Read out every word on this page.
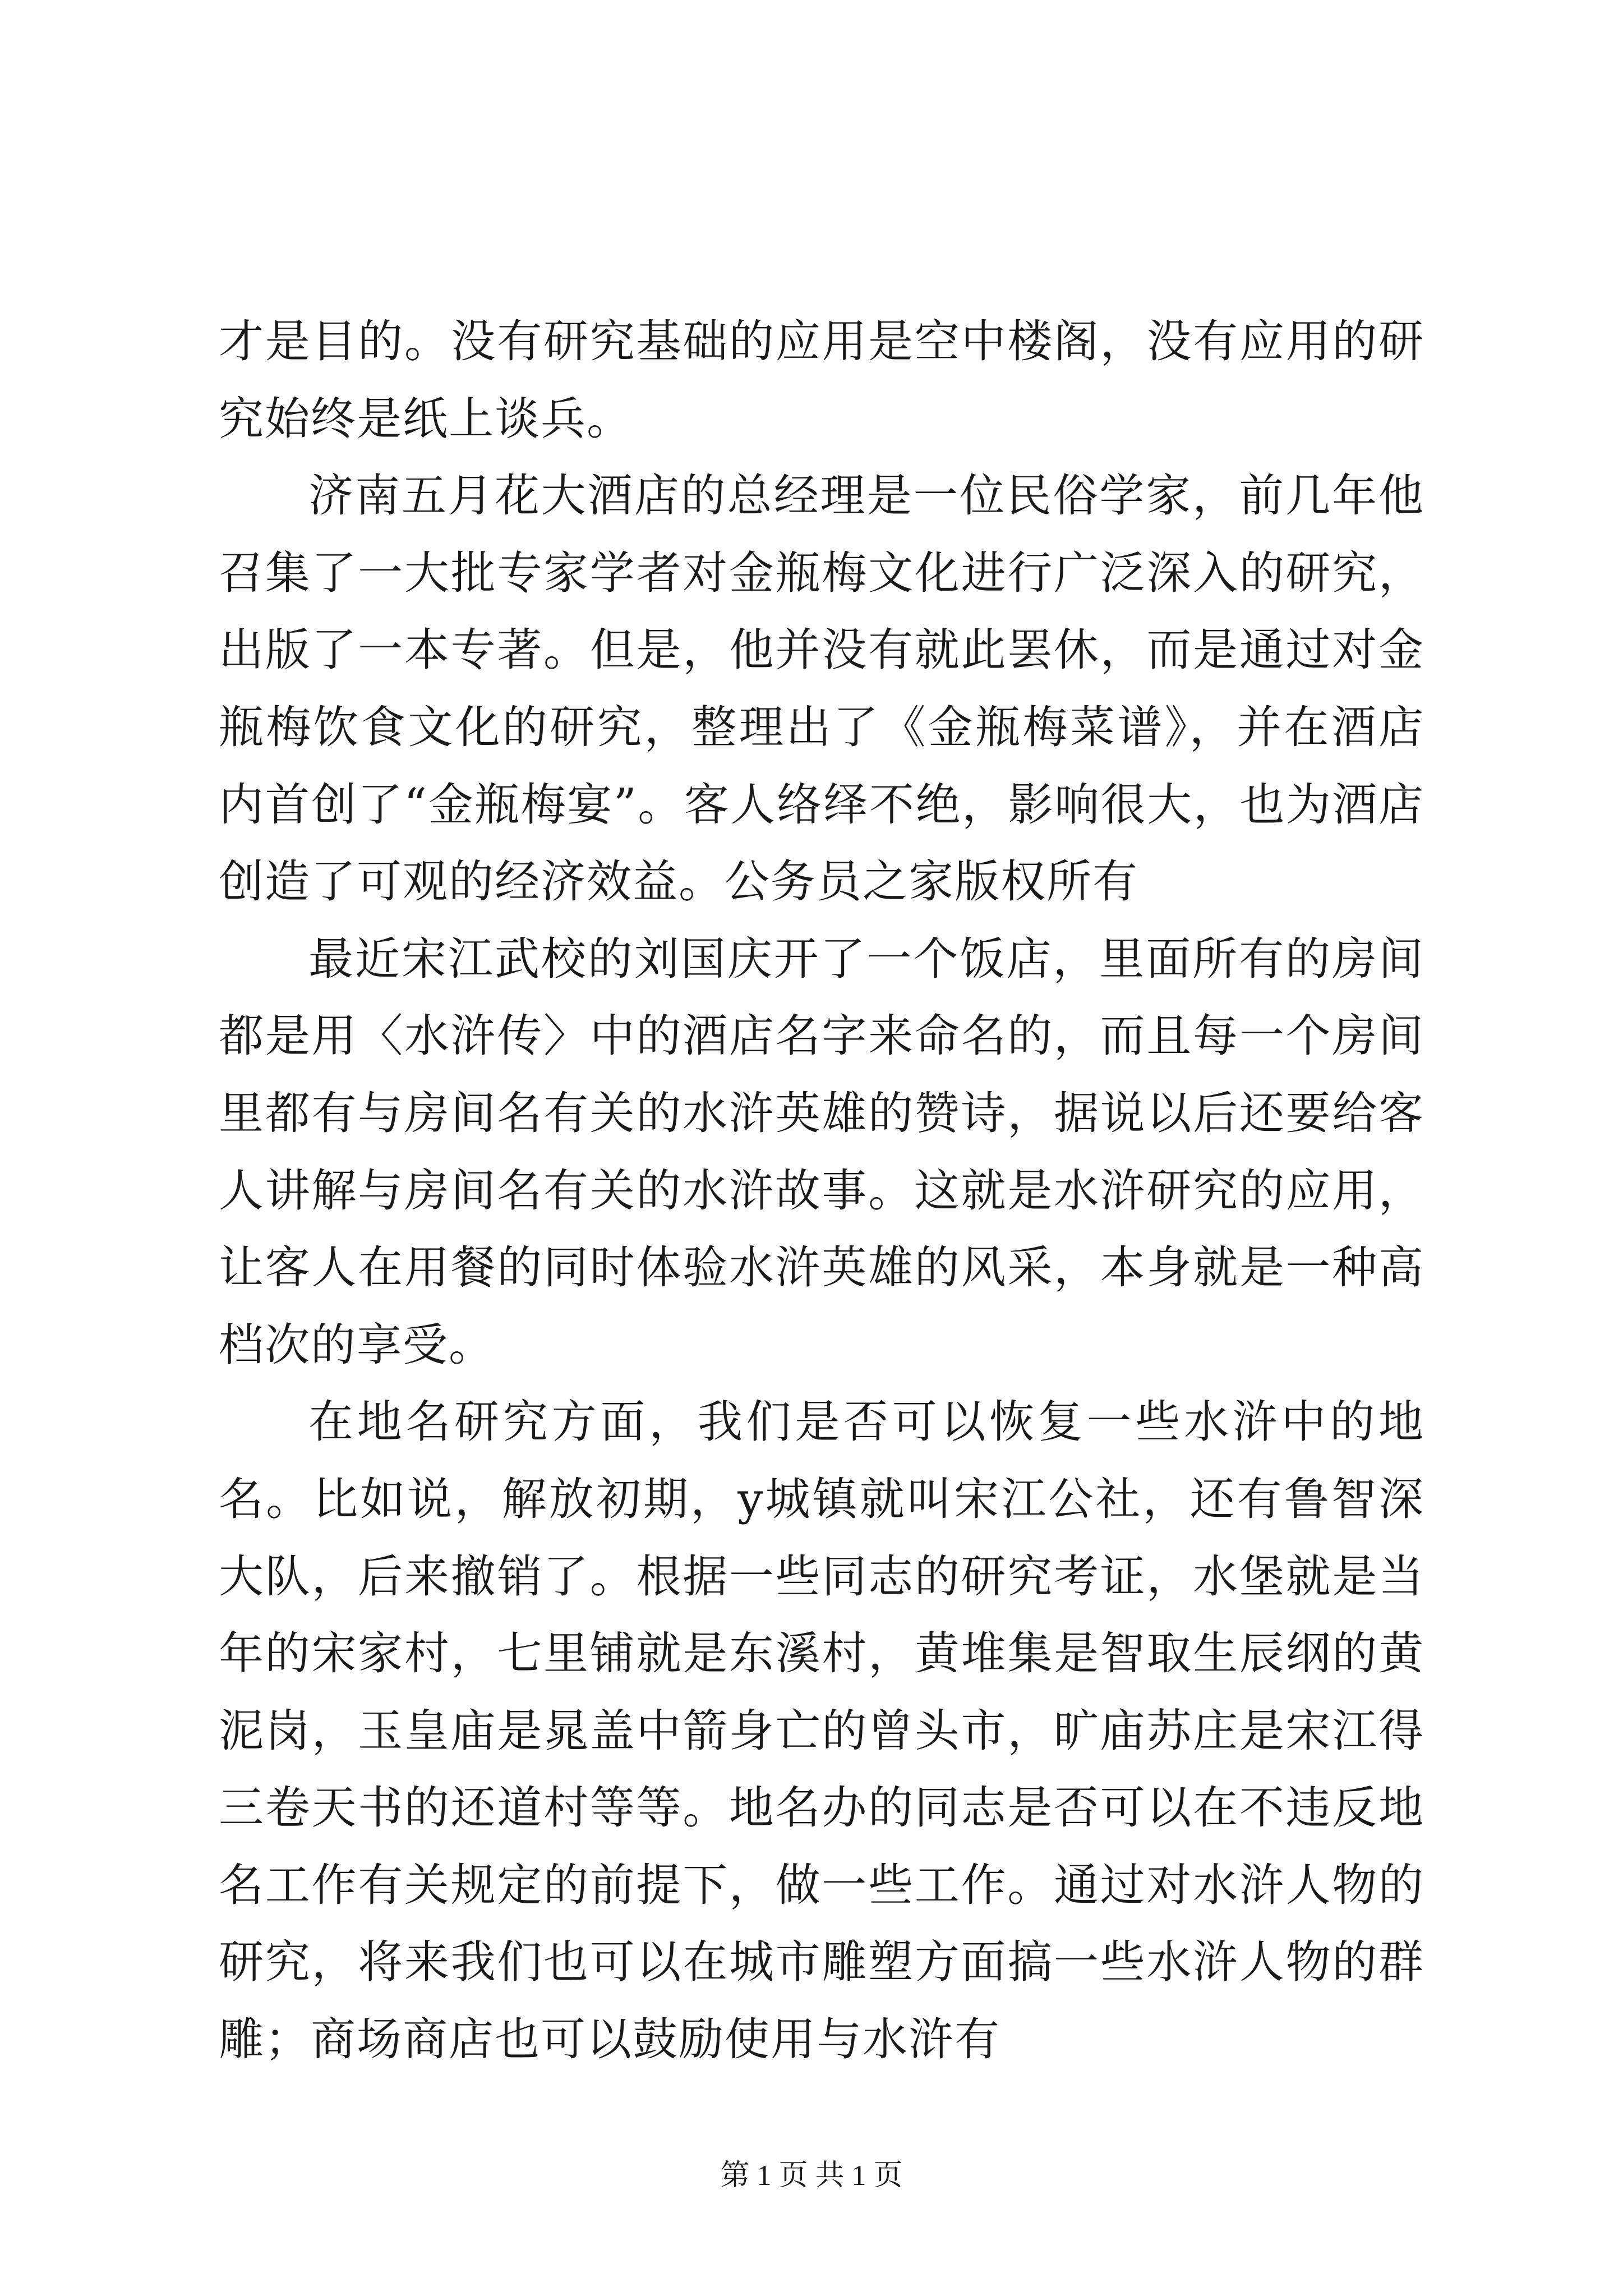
才是目的。没有研究基础的应用是空中楼阁，没有应用的研究始终是纸上谈兵。

济南五月花大酒店的总经理是一位民俗学家，前几年他召集了一大批专家学者对金瓶梅文化进行广泛深入的研究，出版了一本专著。但是，他并没有就此罢休，而是通过对金瓶梅饮食文化的研究，整理出了《金瓶梅菜谱》，并在酒店内首创了“金瓶梅宴”。客人络绎不绝，影响很大，也为酒店创造了可观的经济效益。公务员之家版权所有

最近宋江武校的刘国庆开了一个饭店，里面所有的房间都是用〈水浒传〉中的酒店名字来命名的，而且每一个房间里都有与房间名有关的水浒英雄的赞诗，据说以后还要给客人讲解与房间名有关的水浒故事。这就是水浒研究的应用，让客人在用餐的同时体验水浒英雄的风采，本身就是一种高档次的享受。

在地名研究方面，我们是否可以恢复一些水浒中的地名。比如说，解放初期，y城镇就叫宋江公社，还有鲁智深大队，后来撤销了。根据一些同志的研究考证，水堡就是当年的宋家村，七里铺就是东溪村，黄堆集是智取生辰纲的黄泥岗，玉皇庙是晁盖中箭身亡的曾头市，旷庙苏庄是宋江得三卷天书的还道村等等。地名办的同志是否可以在不违反地名工作有关规定的前提下，做一些工作。通过对水浒人物的研究，将来我们也可以在城市雕塑方面搞一些水浒人物的群雕；商场商店也可以鼓励使用与水浒有

第 1 页 共 1 页
